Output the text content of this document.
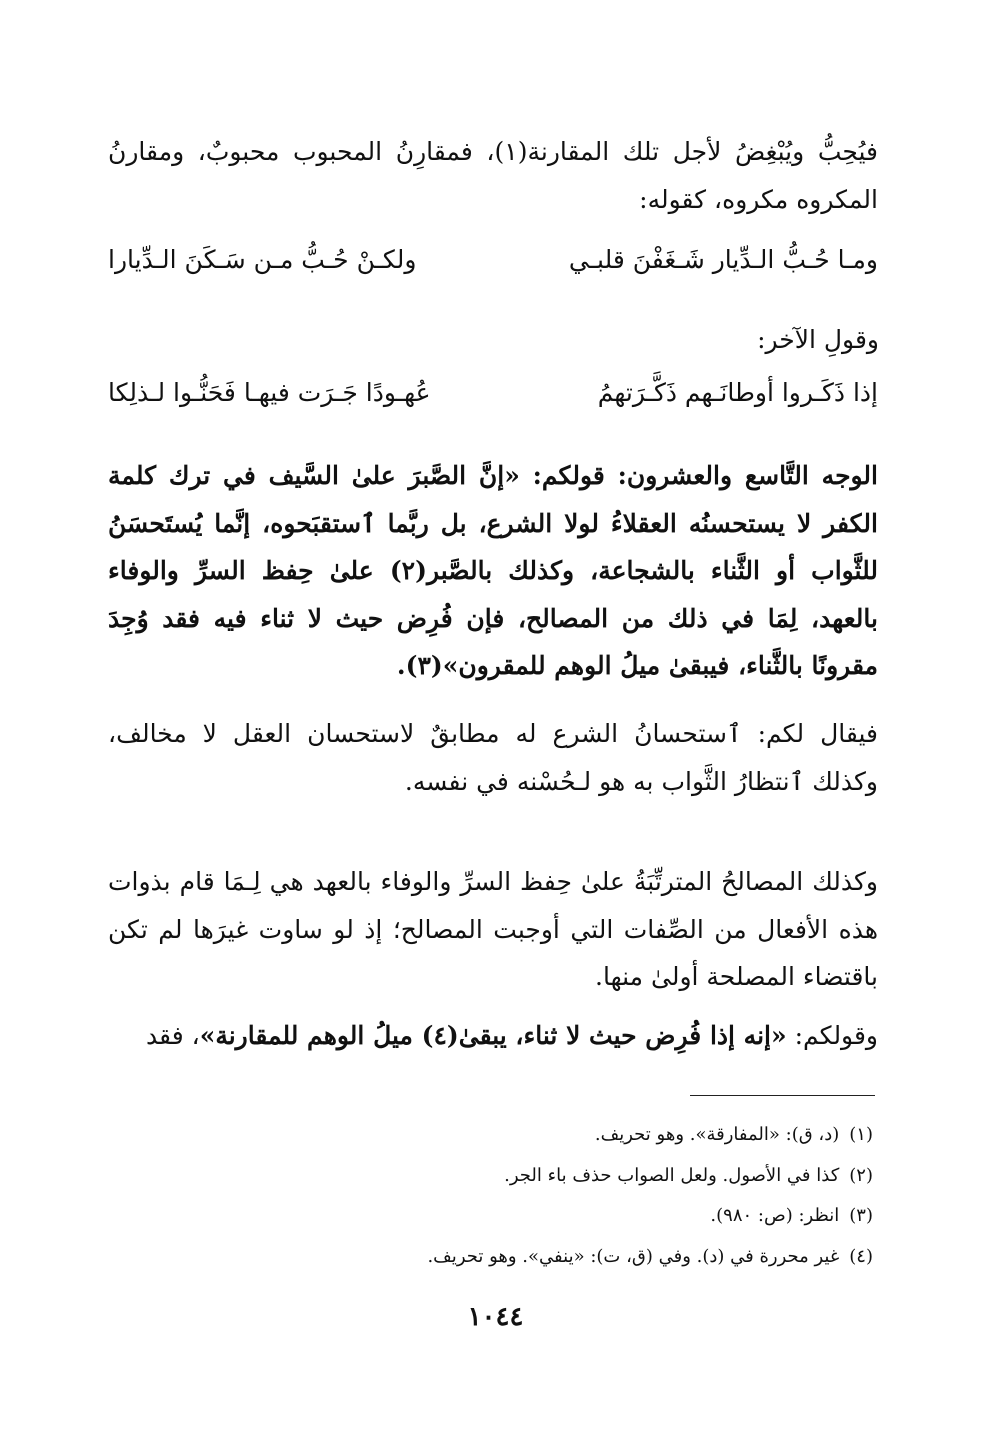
فيُحِبُّ ويُبْغِضُ لأجل تلك المقارنة(١)، فمقارِنُ المحبوب محبوبٌ، ومقارنُ المكروه مكروه، كقوله:

ومـا حُـبُّ الـدِّيار شَـغَفْنَ قلبـي
ولكـنْ حُـبُّ مـن سَـكَنَ الـدِّيارا
وقولِ الآخر:
إذا ذَكَـروا أوطانَـهم ذَكَّـرَتهمُ
عُهـودًا جَـرَت فيهـا فَحَنُّـوا لـذلِكا

الوجه التَّاسع والعشرون: قولكم: «إنَّ الصَّبرَ علىٰ السَّيف في ترك كلمة الكفر لا يستحسنُه العقلاءُ لولا الشرع، بل ربَّما ٱستقبَحوه، إنَّما يُستَحسَنُ للثَّواب أو الثَّناء بالشجاعة، وكذلك بالصَّبر(٢) علىٰ حِفظ السرِّ والوفاء بالعهد، لِمَا في ذلك من المصالح، فإن فُرِض حيث لا ثناء فيه فقد وُجِدَ مقرونًا بالثَّناء، فيبقىٰ ميلُ الوهم للمقرون»(٣).

فيقال لكم: ٱستحسانُ الشرع له مطابقٌ لاستحسان العقل لا مخالف، وكذلك ٱنتظارُ الثَّواب به هو لـحُسْنه في نفسه.

وكذلك المصالحُ المترتِّبَةُ علىٰ حِفظ السرِّ والوفاء بالعهد هي لِـمَا قام بذوات هذه الأفعال من الصِّفات التي أوجبت المصالح؛ إذ لو ساوت غيرَها لم تكن باقتضاء المصلحة أولىٰ منها.

وقولكم: «إنه إذا فُرِض حيث لا ثناء، يبقىٰ(٤) ميلُ الوهم للمقارنة»، فقد

(١)(د، ق): «المفارقة». وهو تحريف.
(٢)كذا في الأصول. ولعل الصواب حذف باء الجر.
(٣)انظر: (ص: ٩٨٠).
(٤)غير محررة في (د). وفي (ق، ت): «ينفي». وهو تحريف.
١٠٤٤
